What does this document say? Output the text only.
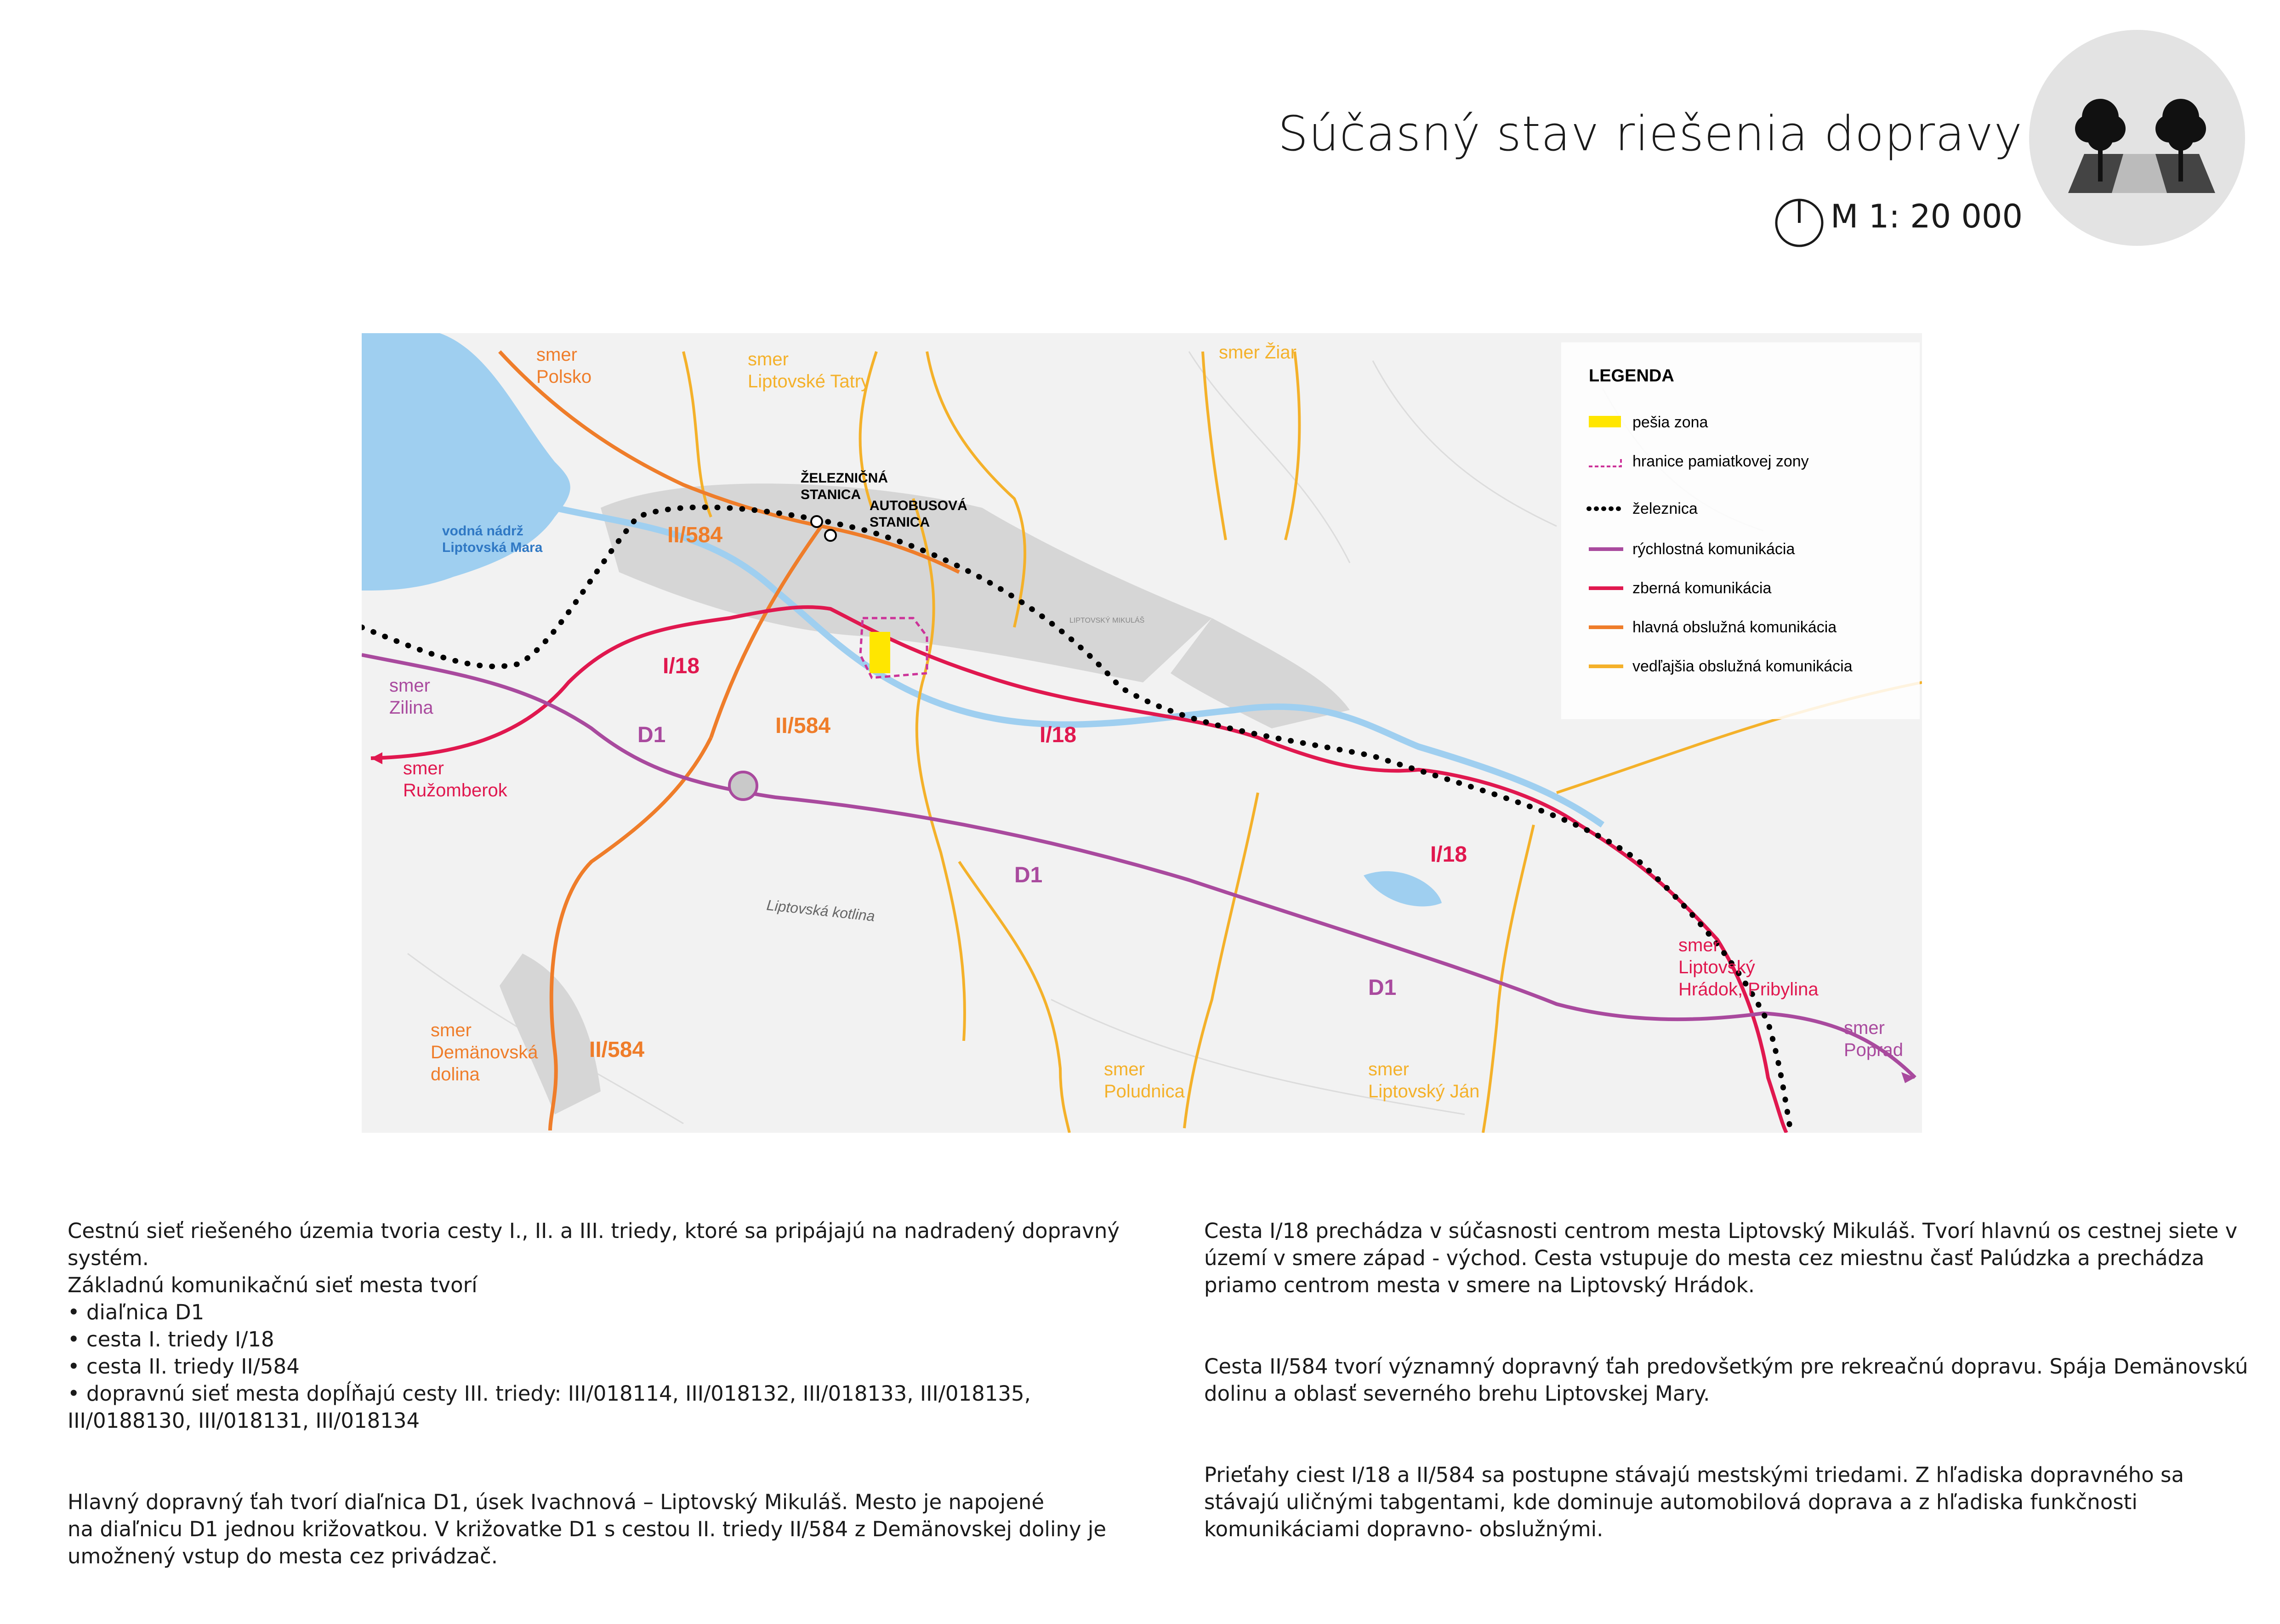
Súčasný stav riešenia dopravy
M 1: 20 000
smer Polsko
smer Liptovské Tatry
smer Žiar
smer Zilina
smer Ružomberok
smer Liptovský Hrádok, Pribylina
smer Poprad
smer Demänovská dolina	smer Poludnica
smer Liptovský Ján
vodná nádrž Liptovská Mara
ŽELEZNIČNÁ STANICA
AUTOBUSOVÁ STANICA
II/584
II/584
II/584
I/18
I/18
I/18
D1
D1
D1
Liptovská kotlina
LIPTOVSKÝ MIKULÁŠ
LEGENDA
pešia zona
hranice pamiatkovej zony
železnica
rýchlostná komunikácia
zberná komunikácia
hlavná obslužná komunikácia
vedľajšia obslužná komunikácia

Cestnú sieť riešeného územia tvoria cesty I., II. a III. triedy, ktoré sa pripájajú na nadradený dopravný systém.
Základnú komunikačnú sieť mesta tvorí
• diaľnica D1
• cesta I. triedy I/18
• cesta II. triedy II/584
• dopravnú sieť mesta dopĺňajú cesty III. triedy: III/018114, III/018132, III/018133, III/018135, III/0188130, III/018131, III/018134

Hlavný dopravný ťah tvorí diaľnica D1, úsek Ivachnová – Liptovský Mikuláš. Mesto je napojené
na diaľnicu D1 jednou križovatkou. V križovatke D1 s cestou II. triedy II/584 z Demänovskej doliny je umožnený vstup do mesta cez privádzač.

Cesta I/18 prechádza v súčasnosti centrom mesta Liptovský Mikuláš. Tvorí hlavnú os cestnej siete v území v smere západ - východ. Cesta vstupuje do mesta cez miestnu časť Palúdzka a prechádza priamo centrom mesta v smere na Liptovský Hrádok.

Cesta II/584 tvorí významný dopravný ťah predovšetkým pre rekreačnú dopravu. Spája Demänovskú dolinu a oblasť severného brehu Liptovskej Mary.

Prieťahy ciest I/18 a II/584 sa postupne stávajú mestskými triedami. Z hľadiska dopravného sa stávajú uličnými tabgentami, kde dominuje automobilová doprava a z hľadiska funkčnosti komunikáciami dopravno- obslužnými.
